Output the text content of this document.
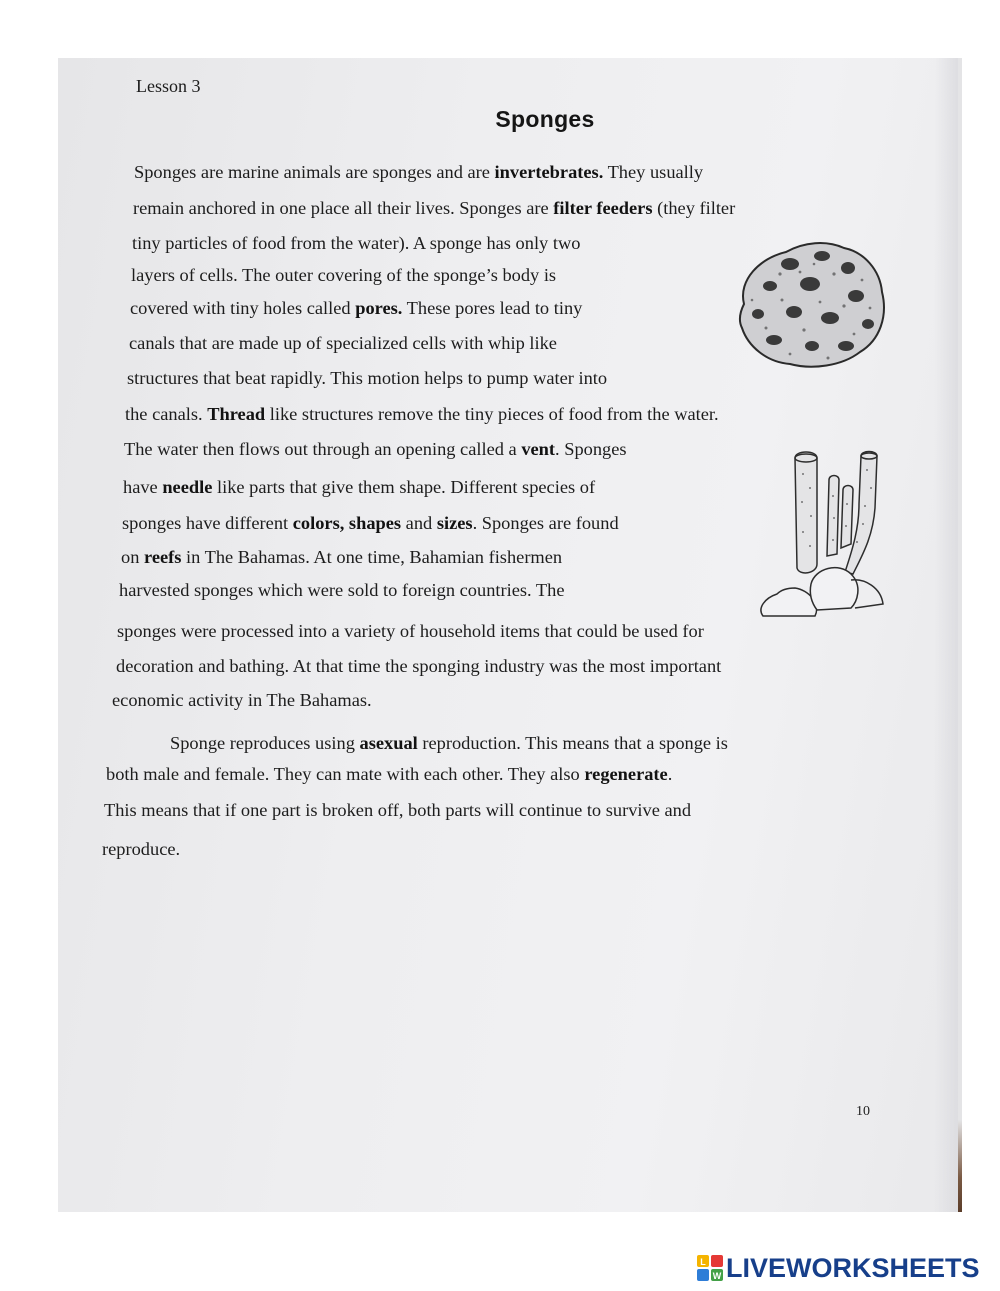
Lesson 3
Sponges
Sponges are marine animals are sponges and are invertebrates. They usually
remain anchored in one place all their lives. Sponges are filter feeders (they filter
tiny particles of food from the water). A sponge has only two
layers of cells. The outer covering of the sponge’s body is
covered with tiny holes called pores. These pores lead to tiny
canals that are made up of specialized cells with whip like
structures that beat rapidly. This motion helps to pump water into
the canals. Thread like structures remove the tiny pieces of food from the water.
The water then flows out through an opening called a vent. Sponges
have needle like parts that give them shape. Different species of
sponges have different colors, shapes and sizes. Sponges are found
on reefs in The Bahamas. At one time, Bahamian fishermen
harvested sponges which were sold to foreign countries. The
sponges were processed into a variety of household items that could be used for
decoration and bathing. At that time the sponging industry was the most important
economic activity in The Bahamas.
Sponge reproduces using asexual reproduction. This means that a sponge is
both male and female. They can mate with each other. They also regenerate.
This means that if one part is broken off, both parts will continue to survive and
reproduce.
10
L
W LIVEWORKSHEETS
